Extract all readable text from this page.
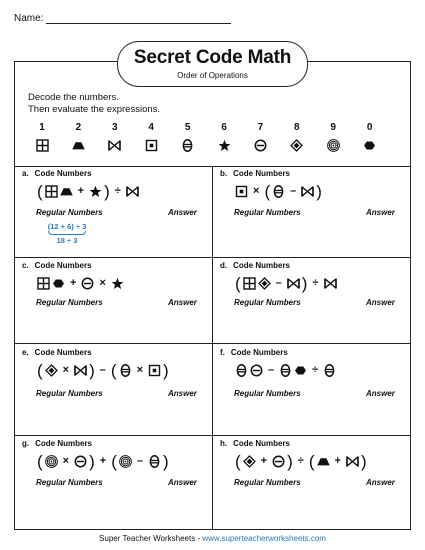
Name:
Secret Code Math
Order of Operations
Decode the numbers.
Then evaluate the expressions.
1	2	3	4	5	6	7	8	9	0
a. Code Numbers
(	+ ) ÷
Regular Numbers	Answer
b. Code Numbers
× ( – )
Regular Numbers	Answer
c. Code Numbers
+ ×
Regular Numbers	Answer
d. Code Numbers
(	– ) ÷
Regular Numbers	Answer
e. Code Numbers
( × ) – ( × )
Regular Numbers	Answer
f. Code Numbers
–	÷
Regular Numbers	Answer
g. Code Numbers
( × ) + ( – )
Regular Numbers	Answer
h. Code Numbers
( + ) ÷ ( + )
Regular Numbers	Answer
(12 + 6) ÷ 3
18 ÷ 3
Super Teacher Worksheets - www.superteacherworksheets.com
